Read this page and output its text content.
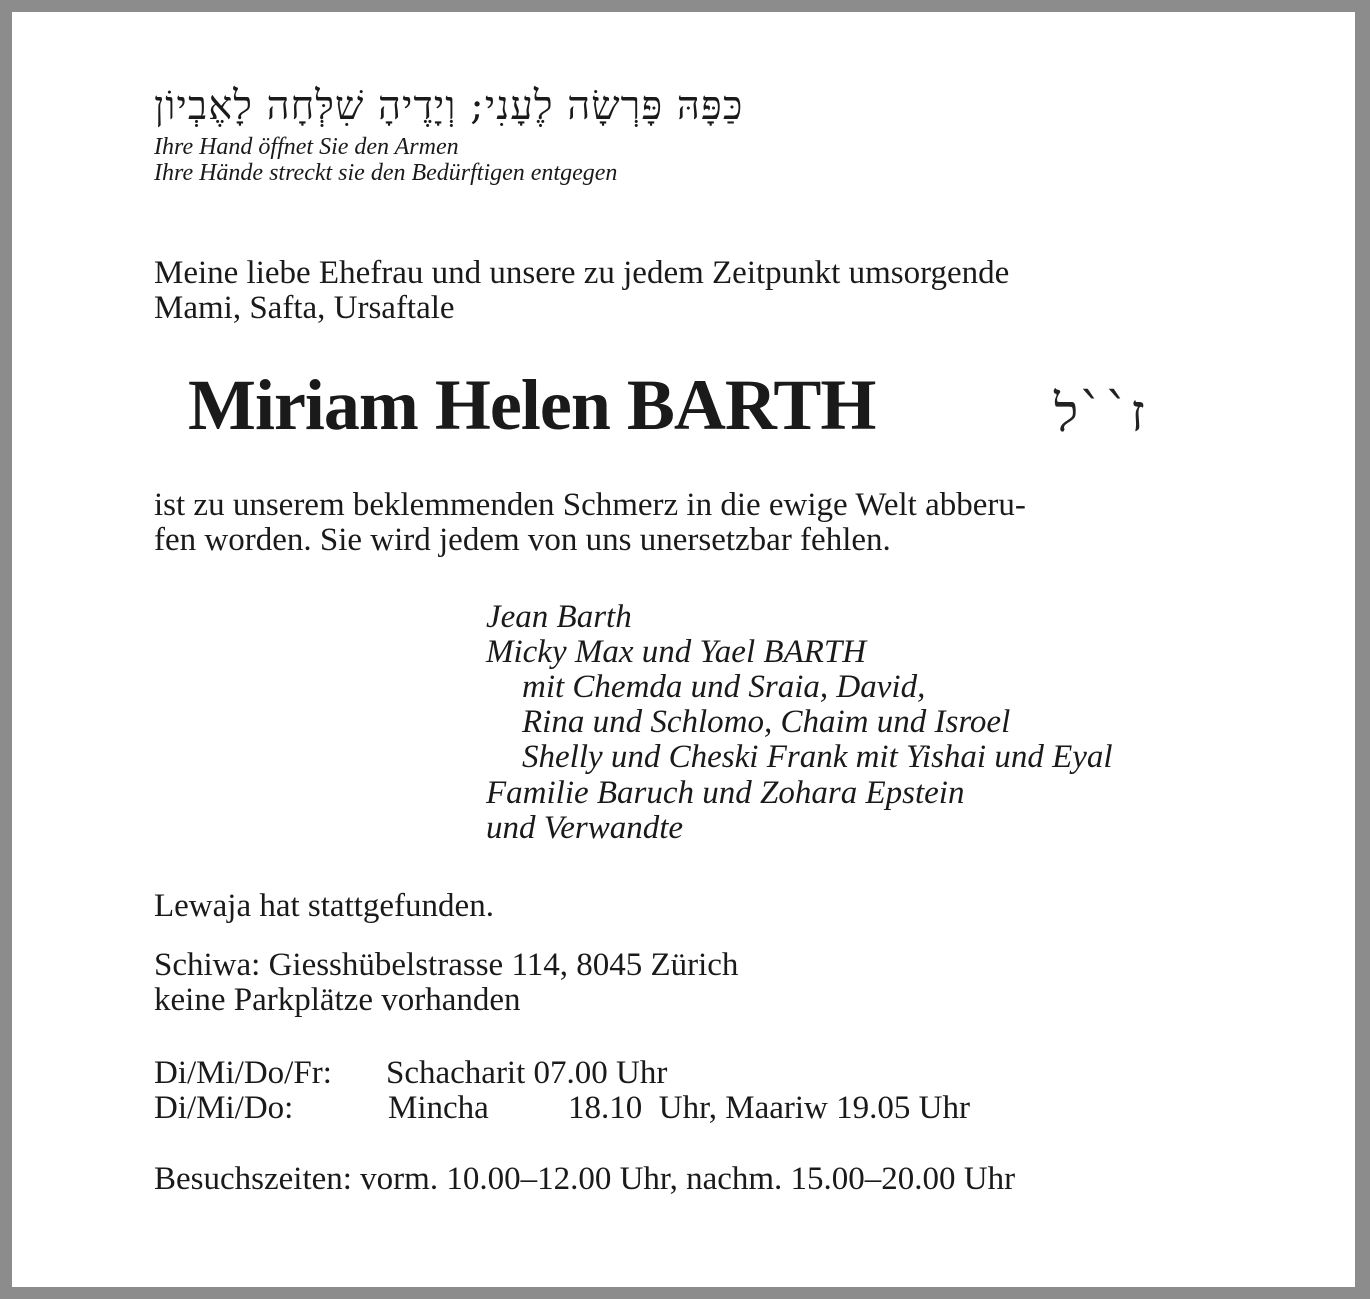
כַּפָּהּ פָּרְשָׂה לֶעָנִי; וְיָדֶיהָ שִׁלְּחָה לָאֶבְיוֹן
Ihre Hand öffnet Sie den Armen
Ihre Hände streckt sie den Bedürftigen entgegen
Meine liebe Ehefrau und unsere zu jedem Zeitpunkt umsorgende
Mami, Safta, Ursaftale
Miriam Helen BARTH	ז``ל
ist zu unserem beklemmenden Schmerz in die ewige Welt abberu-
fen worden. Sie wird jedem von uns unersetzbar fehlen.
Jean Barth
Micky Max und Yael BARTH
mit Chemda und Sraia, David,
Rina und Schlomo, Chaim und Isroel
Shelly und Cheski Frank mit Yishai und Eyal
Familie Baruch und Zohara Epstein
und Verwandte
Lewaja hat stattgefunden.
Schiwa: Giesshübelstrasse 114, 8045 Zürich
keine Parkplätze vorhanden
Di/Mi/Do/Fr: Schacharit 07.00 Uhr
Di/Mi/Do:	Mincha 18.10  Uhr, Maariw 19.05 Uhr
Besuchszeiten: vorm. 10.00–12.00 Uhr, nachm. 15.00–20.00 Uhr
